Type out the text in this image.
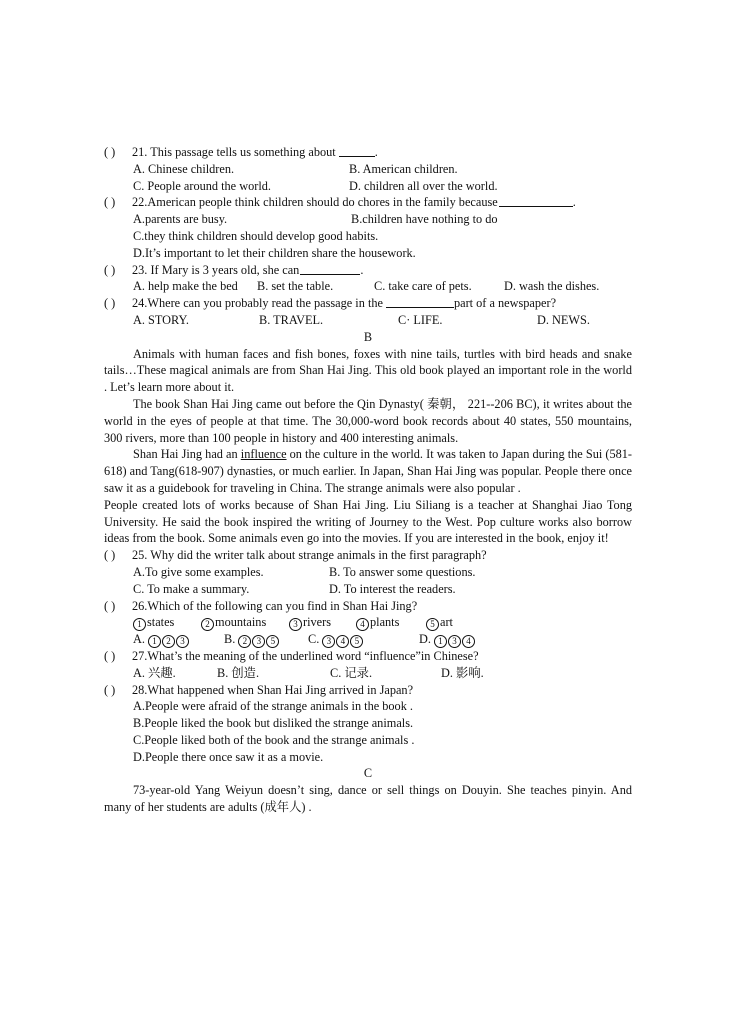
( )	21. This passage tells us something about	.
A. Chinese children.	B. American children.
C. People around the world.	D. children all over the world.
( )	22.American people think children should do chores in the family because	.
A.parents are busy.	B.children have nothing to do
C.they think children should develop good habits.
D.It’s important to let their children share the housework.
( )	23. If Mary is 3 years old, she can	.
A. help make the bed	B. set the table.	C. take care of pets.	D. wash the dishes.
( )	24.Where can you probably read the passage in the	part of a newspaper?
A. STORY.	B. TRAVEL.	C· LIFE.	D. NEWS.
B

Animals with human faces and fish bones, foxes with nine tails, turtles with bird heads and snake tails…These magical animals are from Shan Hai Jing. This old book played an important role in the world . Let’s learn more about it.

The book Shan Hai Jing came out before the Qin Dynasty( 秦朝， 221--206 BC), it writes about the world in the eyes of people at that time. The 30,000-word book records about 40 states, 550 mountains, 300 rivers, more than 100 people in history and 400 interesting animals.

Shan Hai Jing had an influence on the culture in the world. It was taken to Japan during the Sui (581-618) and Tang(618-907) dynasties, or much earlier. In Japan, Shan Hai Jing was popular. People there once saw it as a guidebook for traveling in China. The strange animals were also popular .

People created lots of works because of Shan Hai Jing. Liu Siliang is a teacher at Shanghai Jiao Tong University. He said the book inspired the writing of Journey to the West. Pop culture works also borrow ideas from the book. Some animals even go into the movies. If you are interested in the book, enjoy it!

( )	25. Why did the writer talk about strange animals in the first paragraph?
A.To give some examples.	B. To answer some questions.
C. To make a summary.	D. To interest the readers.
( )	26.Which of the following can you find in Shan Hai Jing?
1 states	2 mountains	3 rivers	4 plants	5 art
A. 1 2 3	B. 2 3 5	C. 3 4 5	D. 1 3 4
( )	27.What’s the meaning of the underlined word “influence”in Chinese?
A. 兴趣.	B. 创造.	C. 记录.	D. 影响.
( )	28.What happened when Shan Hai Jing arrived in Japan?
A.People were afraid of the strange animals in the book .
B.People liked the book but disliked the strange animals.
C.People liked both of the book and the strange animals .
D.People there once saw it as a movie.
C

73-year-old Yang Weiyun doesn’t sing, dance or sell things on Douyin. She teaches pinyin. And many of her students are adults (成年人) .
